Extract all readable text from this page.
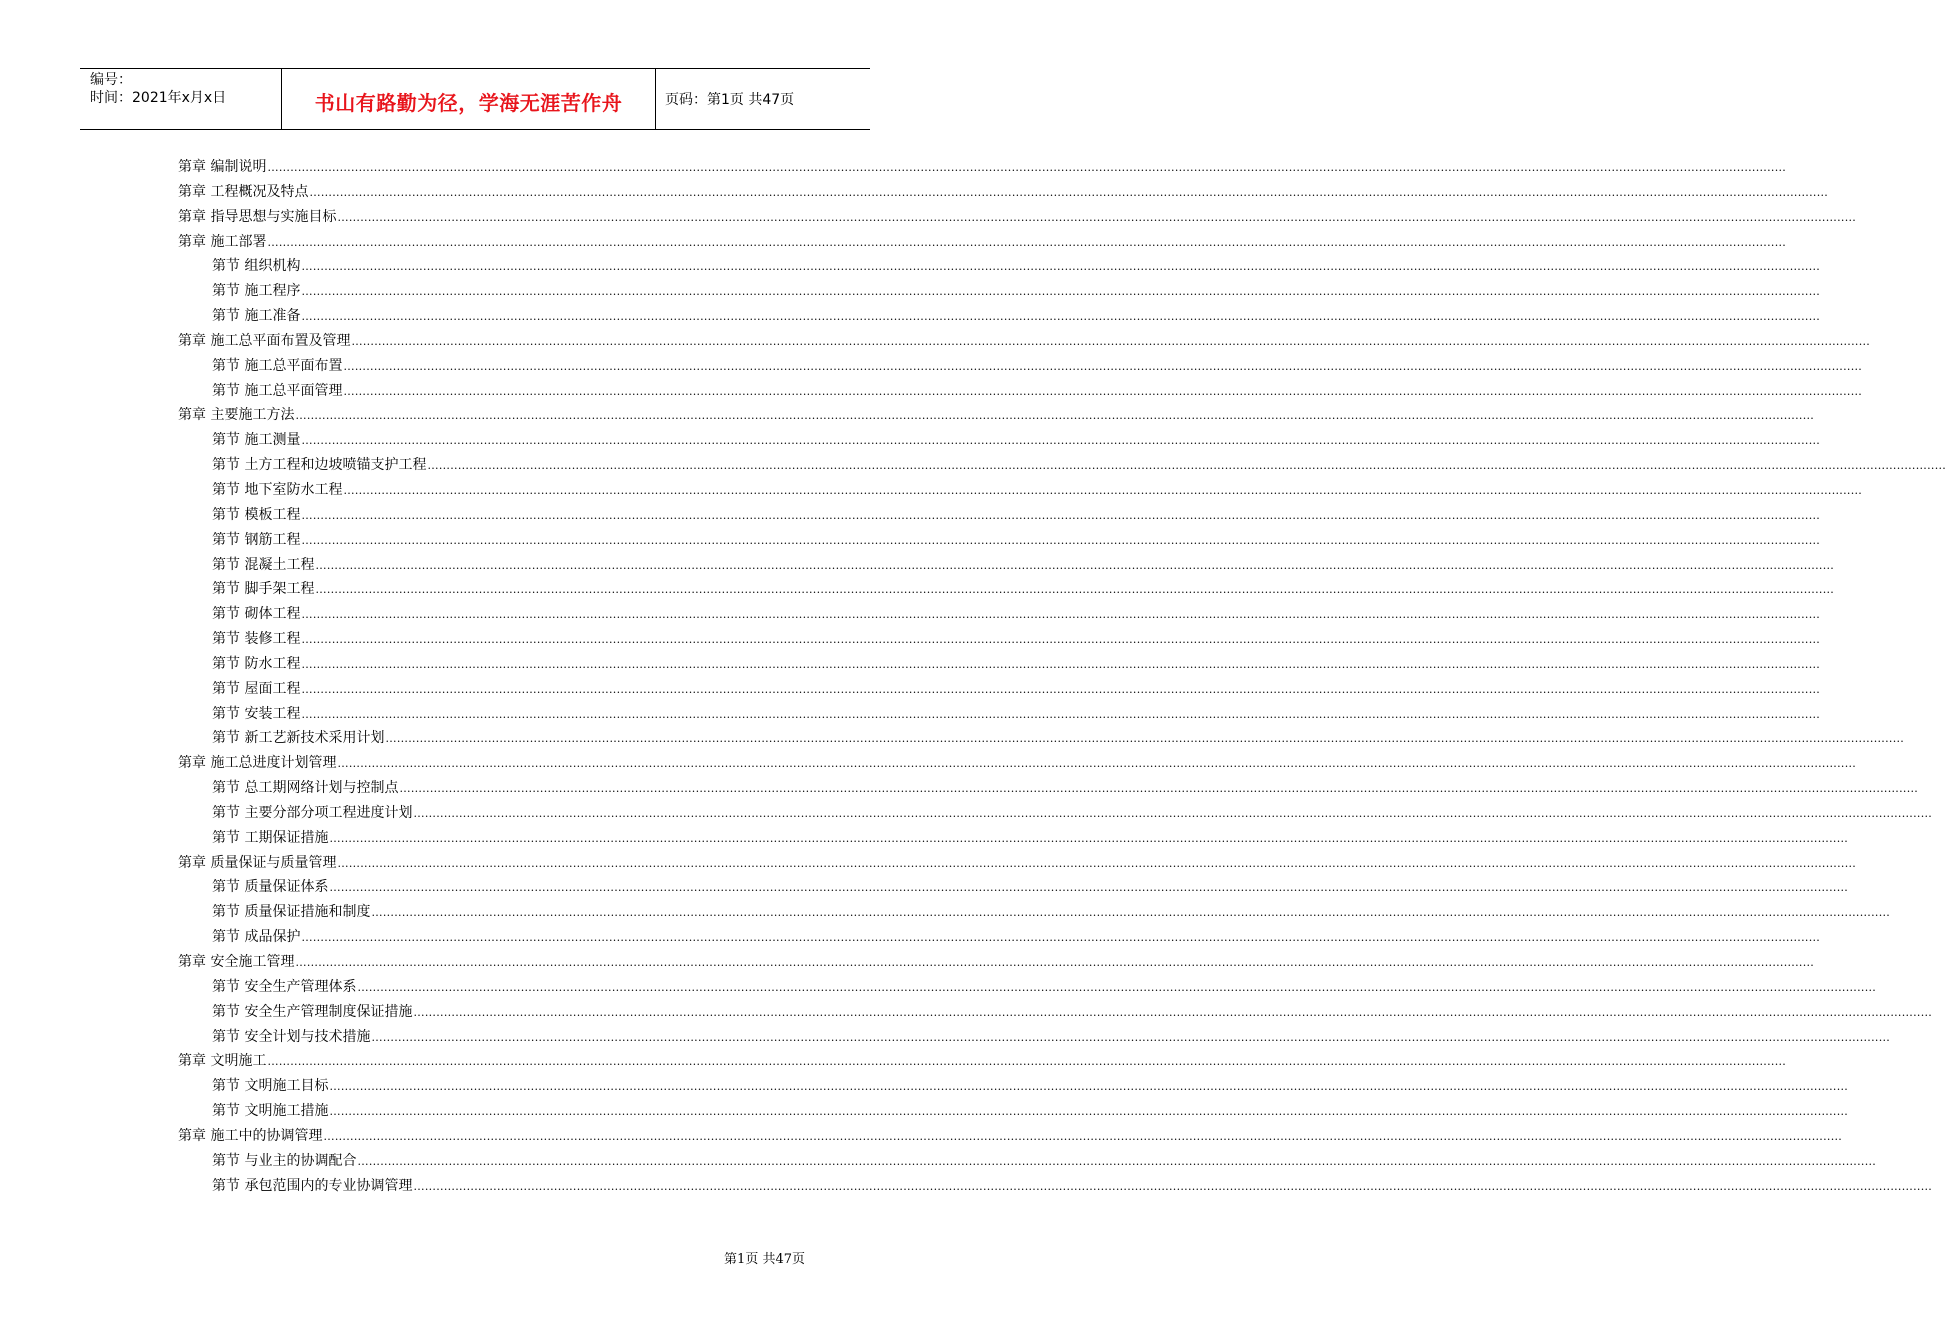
编号：
时间：2021年x月x日	书山有路勤为径，学海无涯苦作舟	页码：第1页 共47页
第章 编制说明 ................................................................................................................................................................................................................................................................................................................................................................................................................
第章 工程概况及特点 ................................................................................................................................................................................................................................................................................................................................................................................................................
第章 指导思想与实施目标 ................................................................................................................................................................................................................................................................................................................................................................................................................
第章 施工部署 ................................................................................................................................................................................................................................................................................................................................................................................................................
第节 组织机构 ................................................................................................................................................................................................................................................................................................................................................................................................................
第节 施工程序 ................................................................................................................................................................................................................................................................................................................................................................................................................
第节 施工准备 ................................................................................................................................................................................................................................................................................................................................................................................................................
第章 施工总平面布置及管理 ................................................................................................................................................................................................................................................................................................................................................................................................................
第节 施工总平面布置 ................................................................................................................................................................................................................................................................................................................................................................................................................
第节 施工总平面管理 ................................................................................................................................................................................................................................................................................................................................................................................................................
第章 主要施工方法 ................................................................................................................................................................................................................................................................................................................................................................................................................
第节 施工测量 ................................................................................................................................................................................................................................................................................................................................................................................................................
第节 土方工程和边坡喷锚支护工程 ................................................................................................................................................................................................................................................................................................................................................................................................................
第节 地下室防水工程 ................................................................................................................................................................................................................................................................................................................................................................................................................
第节 模板工程 ................................................................................................................................................................................................................................................................................................................................................................................................................
第节 钢筋工程 ................................................................................................................................................................................................................................................................................................................................................................................................................
第节 混凝土工程 ................................................................................................................................................................................................................................................................................................................................................................................................................
第节 脚手架工程 ................................................................................................................................................................................................................................................................................................................................................................................................................
第节 砌体工程 ................................................................................................................................................................................................................................................................................................................................................................................................................
第节 装修工程 ................................................................................................................................................................................................................................................................................................................................................................................................................
第节 防水工程 ................................................................................................................................................................................................................................................................................................................................................................................................................
第节 屋面工程 ................................................................................................................................................................................................................................................................................................................................................................................................................
第节 安装工程 ................................................................................................................................................................................................................................................................................................................................................................................................................
第节 新工艺新技术采用计划 ................................................................................................................................................................................................................................................................................................................................................................................................................
第章 施工总进度计划管理 ................................................................................................................................................................................................................................................................................................................................................................................................................
第节 总工期网络计划与控制点 ................................................................................................................................................................................................................................................................................................................................................................................................................
第节 主要分部分项工程进度计划 ................................................................................................................................................................................................................................................................................................................................................................................................................
第节 工期保证措施 ................................................................................................................................................................................................................................................................................................................................................................................................................
第章 质量保证与质量管理 ................................................................................................................................................................................................................................................................................................................................................................................................................
第节 质量保证体系 ................................................................................................................................................................................................................................................................................................................................................................................................................
第节 质量保证措施和制度 ................................................................................................................................................................................................................................................................................................................................................................................................................
第节 成品保护 ................................................................................................................................................................................................................................................................................................................................................................................................................
第章 安全施工管理 ................................................................................................................................................................................................................................................................................................................................................................................................................
第节 安全生产管理体系 ................................................................................................................................................................................................................................................................................................................................................................................................................
第节 安全生产管理制度保证措施 ................................................................................................................................................................................................................................................................................................................................................................................................................
第节 安全计划与技术措施 ................................................................................................................................................................................................................................................................................................................................................................................................................
第章 文明施工 ................................................................................................................................................................................................................................................................................................................................................................................................................
第节 文明施工目标 ................................................................................................................................................................................................................................................................................................................................................................................................................
第节 文明施工措施 ................................................................................................................................................................................................................................................................................................................................................................................................................
第章 施工中的协调管理 ................................................................................................................................................................................................................................................................................................................................................................................................................
第节 与业主的协调配合 ................................................................................................................................................................................................................................................................................................................................................................................................................
第节 承包范围内的专业协调管理 ................................................................................................................................................................................................................................................................................................................................................................................................................
第1页 共47页
